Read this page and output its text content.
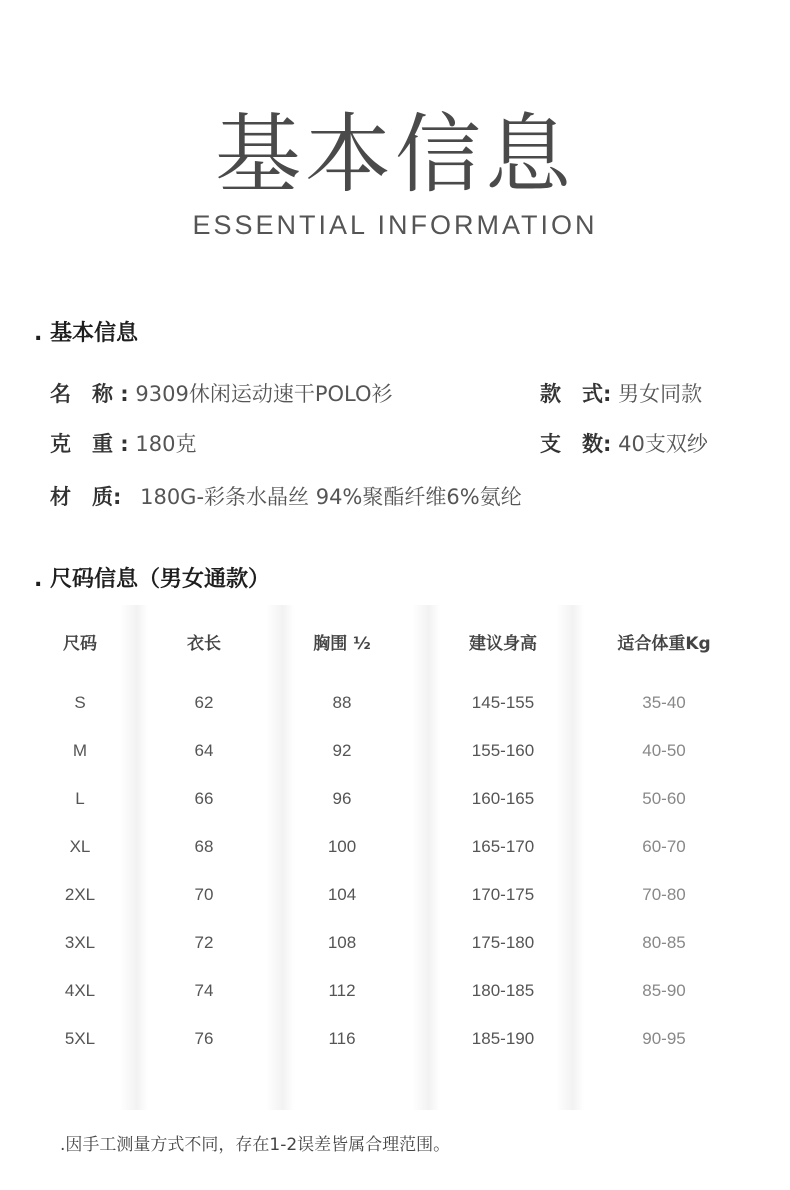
基本信息
ESSENTIAL INFORMATION
. 基本信息
名　称 : 9309休闲运动速干POLO衫	款　式: 男女同款
克　重 : 180克	支　数: 40支双纱
材　质: 180G-彩条水晶丝 94%聚酯纤维6%氨纶
. 尺码信息（男女通款）
尺码
S
M
L
XL
2XL
3XL
4XL
5XL
衣长
62
64
66
68
70
72
74
76
胸围 ½
88
92
96
100
104
108
112
116
建议身高
145-155
155-160
160-165
165-170
170-175
175-180
180-185
185-190
适合体重Kg
35-40
40-50
50-60
60-70
70-80
80-85
85-90
90-95
.因手工测量方式不同，存在1-2误差皆属合理范围。
